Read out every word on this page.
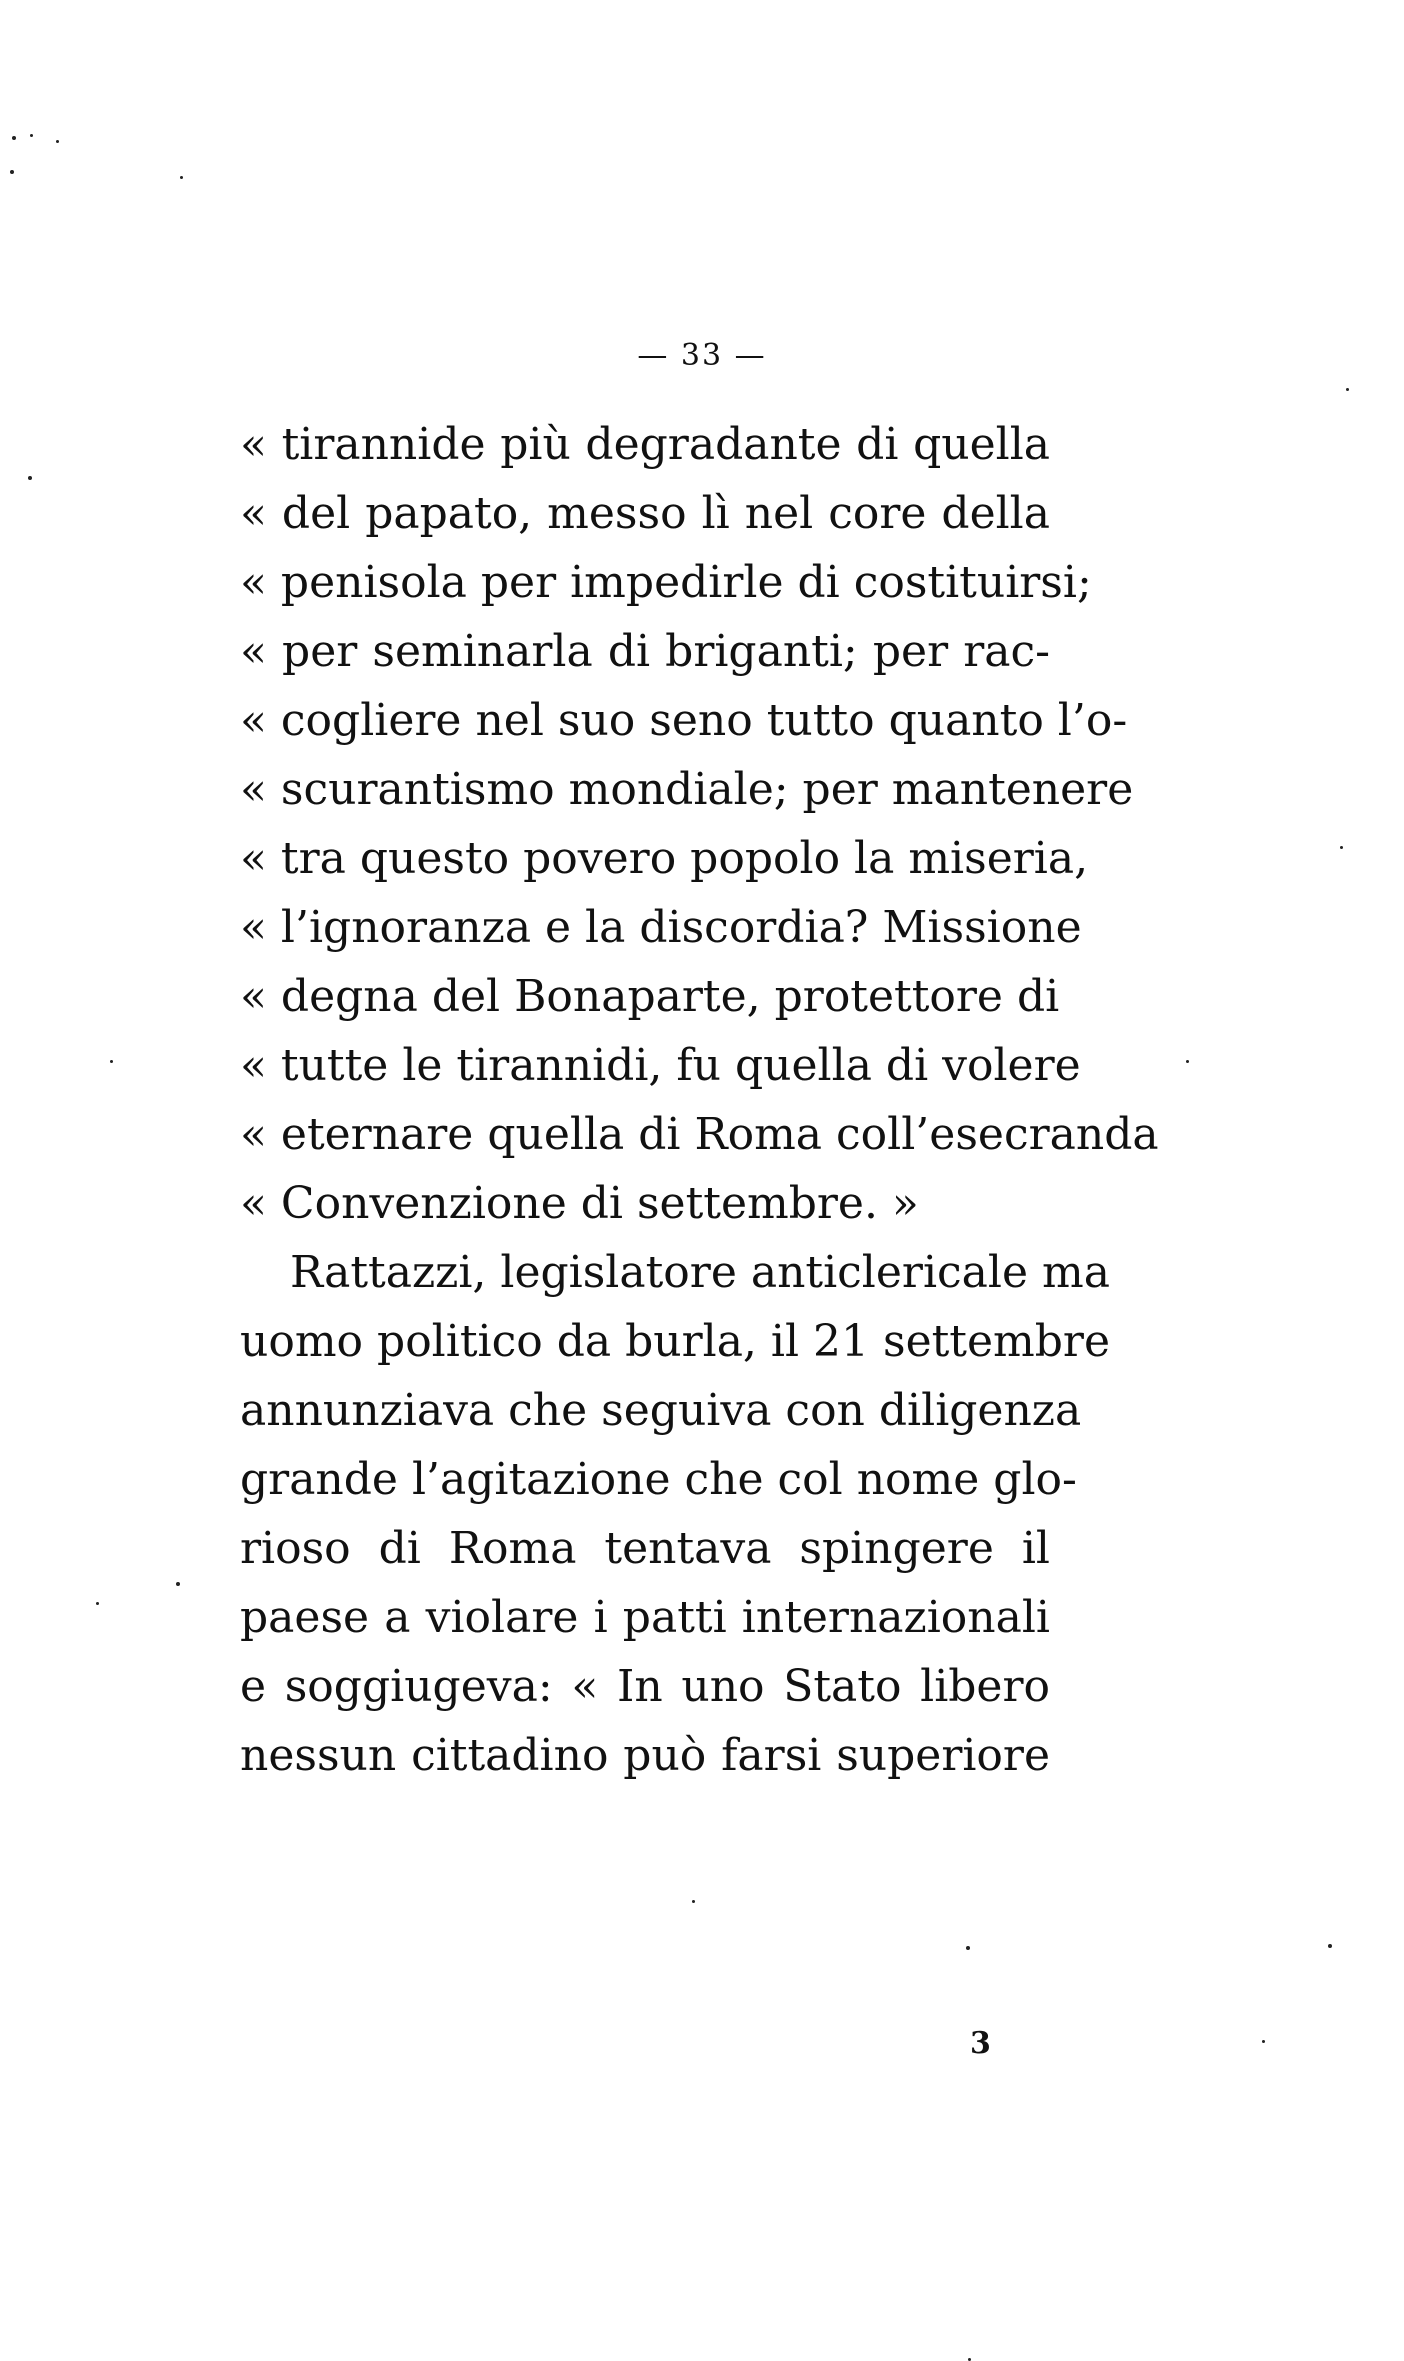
— 33 —
« tirannide più degradante di quella
« del papato, messo lì nel core della
« penisola per impedirle di costituirsi;
« per seminarla di briganti; per rac-
« cogliere nel suo seno tutto quanto l’o-
« scurantismo mondiale; per mantenere
« tra questo povero popolo la miseria,
« l’ignoranza e la discordia? Missione
« degna del Bonaparte, protettore di
« tutte le tirannidi, fu quella di volere
« eternare quella di Roma coll’esecranda
« Convenzione di settembre. »
Rattazzi, legislatore anticlericale ma
uomo politico da burla, il 21 settembre
annunziava che seguiva con diligenza
grande l’agitazione che col nome glo-
rioso di Roma tentava spingere il
paese a violare i patti internazionali
e soggiugeva: « In uno Stato libero
nessun cittadino può farsi superiore
3
